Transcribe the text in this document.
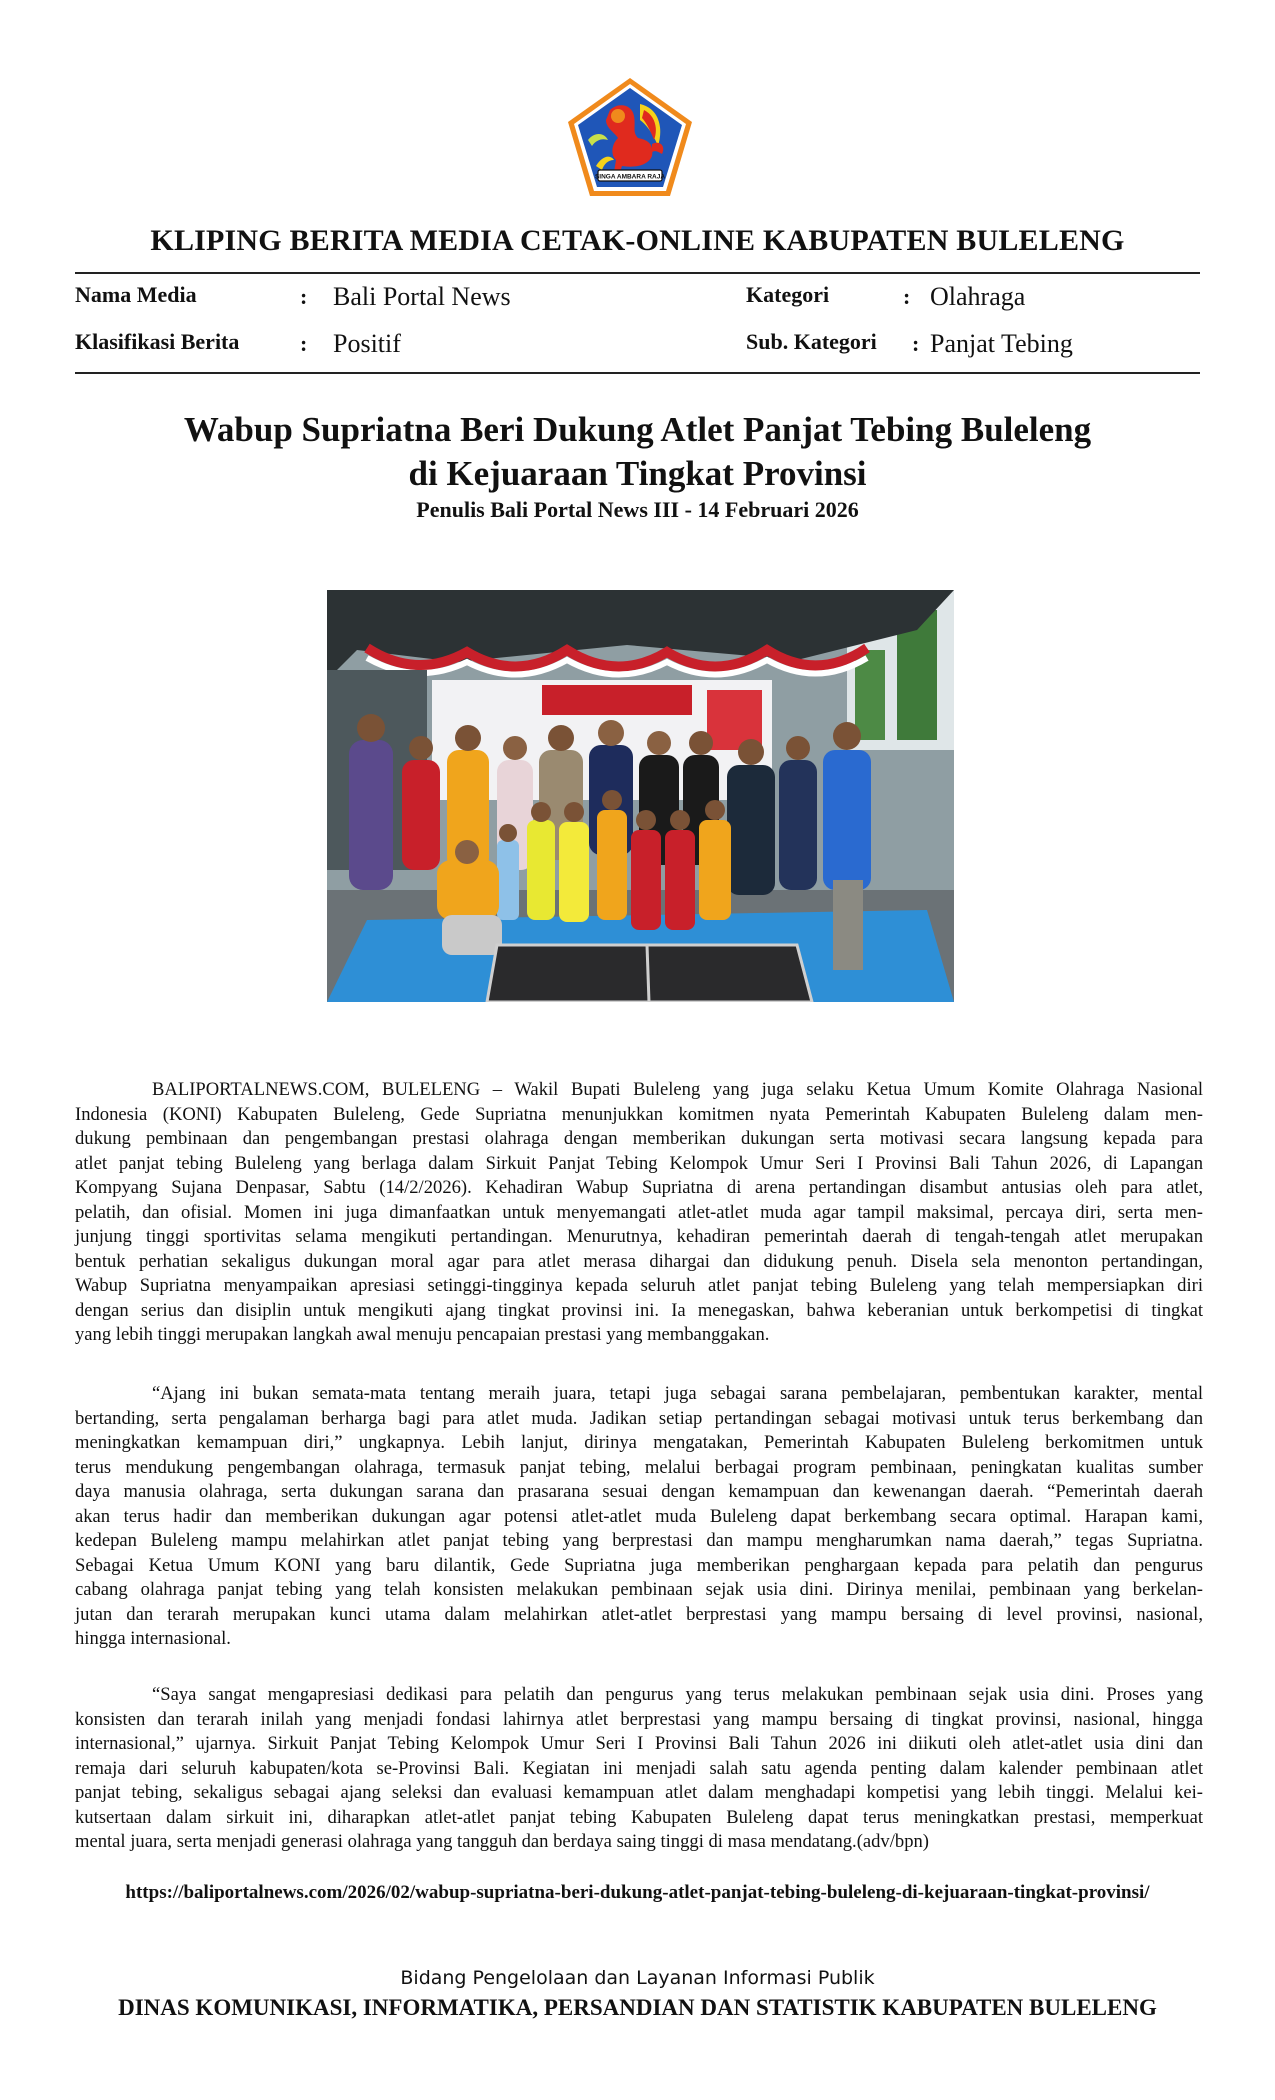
SINGA AMBARA RAJA
KLIPING BERITA MEDIA CETAK-ONLINE KABUPATEN BULELENG
Nama Media	: Bali Portal News
Klasifikasi Berita	: Positif
Kategori	: Olahraga
Sub. Kategori : Panjat Tebing
Wabup Supriatna Beri Dukung Atlet Panjat Tebing Buleleng
di Kejuaraan Tingkat Provinsi
Penulis Bali Portal News III - 14 Februari 2026
BALIPORTALNEWS.COM, BULELENG – Wakil Bupati Buleleng yang juga selaku Ketua Umum Komite Olahraga Nasional
Indonesia (KONI) Kabupaten Buleleng, Gede Supriatna menunjukkan komitmen nyata Pemerintah Kabupaten Buleleng dalam men-
dukung pembinaan dan pengembangan prestasi olahraga dengan memberikan dukungan serta motivasi secara langsung kepada para
atlet panjat tebing Buleleng yang berlaga dalam Sirkuit Panjat Tebing Kelompok Umur Seri I Provinsi Bali Tahun 2026, di Lapangan
Kompyang Sujana Denpasar, Sabtu (14/2/2026). Kehadiran Wabup Supriatna di arena pertandingan disambut antusias oleh para atlet,
pelatih, dan ofisial. Momen ini juga dimanfaatkan untuk menyemangati atlet-atlet muda agar tampil maksimal, percaya diri, serta men-
junjung tinggi sportivitas selama mengikuti pertandingan. Menurutnya, kehadiran pemerintah daerah di tengah-tengah atlet merupakan
bentuk perhatian sekaligus dukungan moral agar para atlet merasa dihargai dan didukung penuh. Disela sela menonton pertandingan,
Wabup Supriatna menyampaikan apresiasi setinggi-tingginya kepada seluruh atlet panjat tebing Buleleng yang telah mempersiapkan diri
dengan serius dan disiplin untuk mengikuti ajang tingkat provinsi ini. Ia menegaskan, bahwa keberanian untuk berkompetisi di tingkat
yang lebih tinggi merupakan langkah awal menuju pencapaian prestasi yang membanggakan.
“Ajang ini bukan semata-mata tentang meraih juara, tetapi juga sebagai sarana pembelajaran, pembentukan karakter, mental
bertanding, serta pengalaman berharga bagi para atlet muda. Jadikan setiap pertandingan sebagai motivasi untuk terus berkembang dan
meningkatkan kemampuan diri,” ungkapnya. Lebih lanjut, dirinya mengatakan, Pemerintah Kabupaten Buleleng berkomitmen untuk
terus mendukung pengembangan olahraga, termasuk panjat tebing, melalui berbagai program pembinaan, peningkatan kualitas sumber
daya manusia olahraga, serta dukungan sarana dan prasarana sesuai dengan kemampuan dan kewenangan daerah. “Pemerintah daerah
akan terus hadir dan memberikan dukungan agar potensi atlet-atlet muda Buleleng dapat berkembang secara optimal. Harapan kami,
kedepan Buleleng mampu melahirkan atlet panjat tebing yang berprestasi dan mampu mengharumkan nama daerah,” tegas Supriatna.
Sebagai Ketua Umum KONI yang baru dilantik, Gede Supriatna juga memberikan penghargaan kepada para pelatih dan pengurus
cabang olahraga panjat tebing yang telah konsisten melakukan pembinaan sejak usia dini. Dirinya menilai, pembinaan yang berkelan-
jutan dan terarah merupakan kunci utama dalam melahirkan atlet-atlet berprestasi yang mampu bersaing di level provinsi, nasional,
hingga internasional.
“Saya sangat mengapresiasi dedikasi para pelatih dan pengurus yang terus melakukan pembinaan sejak usia dini. Proses yang
konsisten dan terarah inilah yang menjadi fondasi lahirnya atlet berprestasi yang mampu bersaing di tingkat provinsi, nasional, hingga
internasional,” ujarnya. Sirkuit Panjat Tebing Kelompok Umur Seri I Provinsi Bali Tahun 2026 ini diikuti oleh atlet-atlet usia dini dan
remaja dari seluruh kabupaten/kota se-Provinsi Bali. Kegiatan ini menjadi salah satu agenda penting dalam kalender pembinaan atlet
panjat tebing, sekaligus sebagai ajang seleksi dan evaluasi kemampuan atlet dalam menghadapi kompetisi yang lebih tinggi. Melalui kei-
kutsertaan dalam sirkuit ini, diharapkan atlet-atlet panjat tebing Kabupaten Buleleng dapat terus meningkatkan prestasi, memperkuat
mental juara, serta menjadi generasi olahraga yang tangguh dan berdaya saing tinggi di masa mendatang.(adv/bpn)
https://baliportalnews.com/2026/02/wabup-supriatna-beri-dukung-atlet-panjat-tebing-buleleng-di-kejuaraan-tingkat-provinsi/
Bidang Pengelolaan dan Layanan Informasi Publik
DINAS KOMUNIKASI, INFORMATIKA, PERSANDIAN DAN STATISTIK KABUPATEN BULELENG
